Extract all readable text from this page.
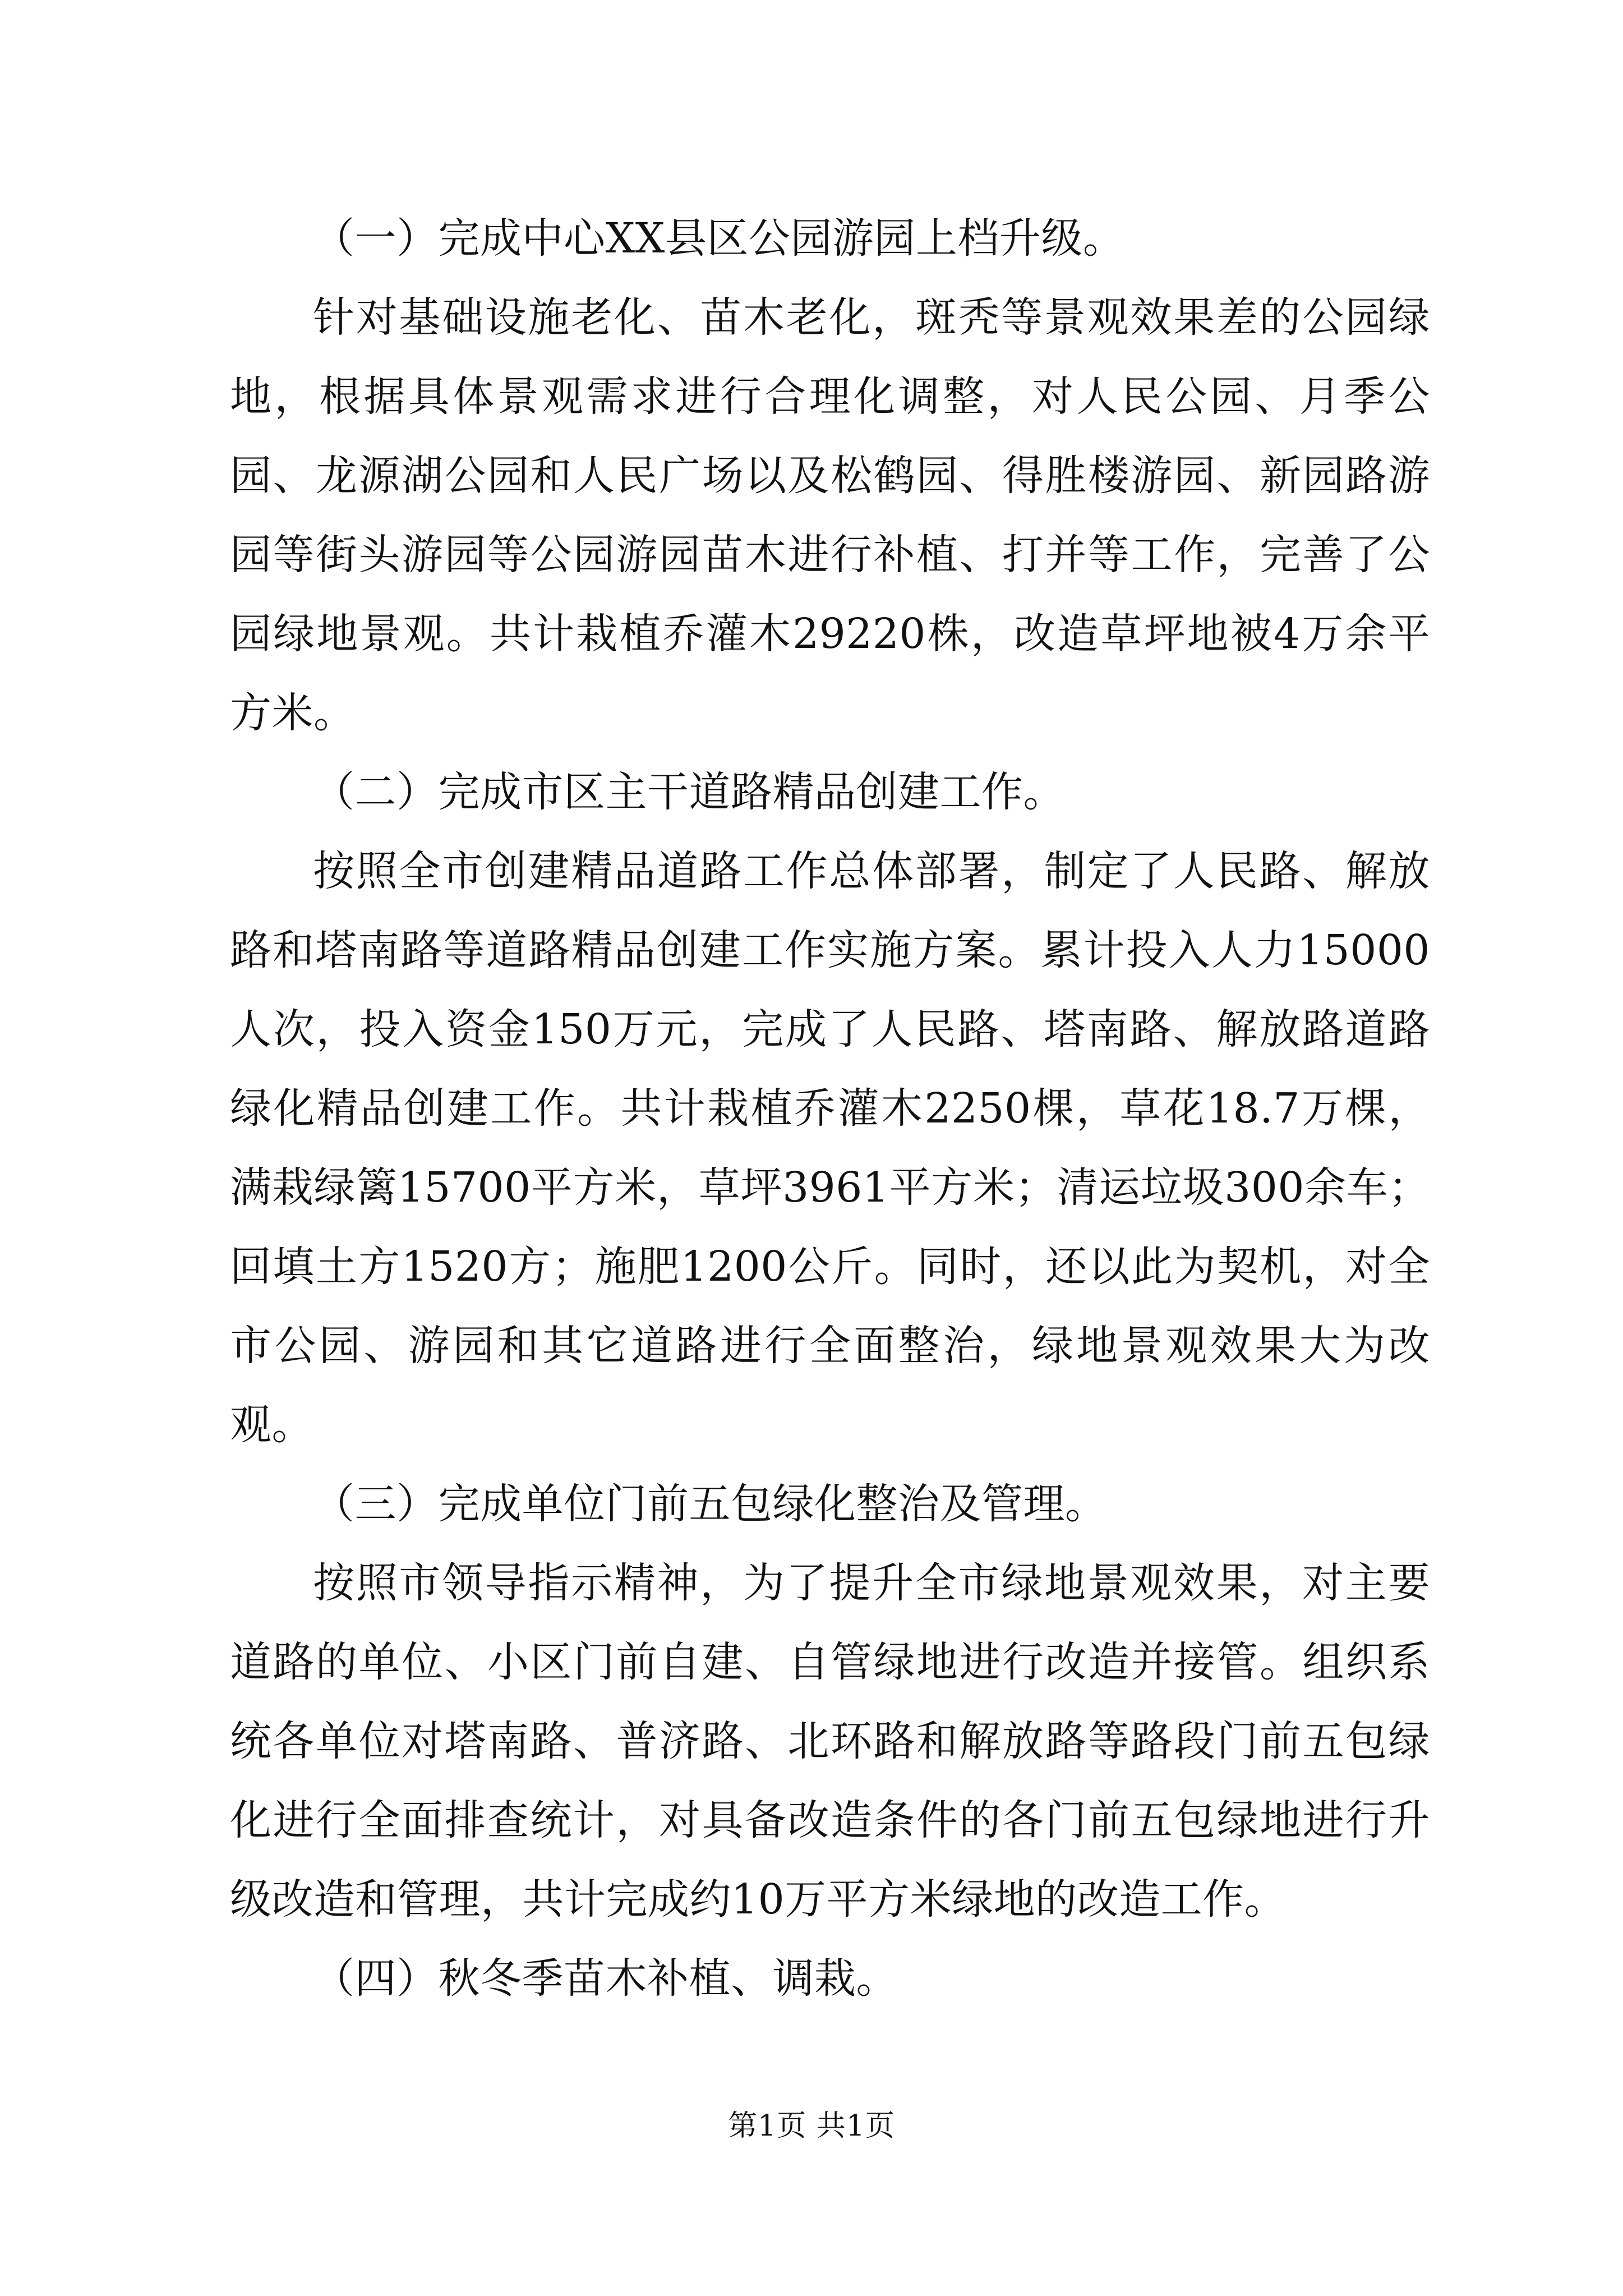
（一）完成中心XX县区公园游园上档升级。

针对基础设施老化、苗木老化，斑秃等景观效果差的公园绿地，根据具体景观需求进行合理化调整，对人民公园、月季公园、龙源湖公园和人民广场以及松鹤园、得胜楼游园、新园路游园等街头游园等公园游园苗木进行补植、打并等工作，完善了公园绿地景观。共计栽植乔灌木29220株，改造草坪地被4万余平方米。

（二）完成市区主干道路精品创建工作。

按照全市创建精品道路工作总体部署，制定了人民路、解放路和塔南路等道路精品创建工作实施方案。累计投入人力15000人次，投入资金150万元，完成了人民路、塔南路、解放路道路绿化精品创建工作。共计栽植乔灌木2250棵，草花18.7万棵，满栽绿篱15700平方米，草坪3961平方米；清运垃圾300余车；回填土方1520方；施肥1200公斤。同时，还以此为契机，对全市公园、游园和其它道路进行全面整治，绿地景观效果大为改观。

（三）完成单位门前五包绿化整治及管理。

按照市领导指示精神，为了提升全市绿地景观效果，对主要道路的单位、小区门前自建、自管绿地进行改造并接管。组织系统各单位对塔南路、普济路、北环路和解放路等路段门前五包绿化进行全面排查统计，对具备改造条件的各门前五包绿地进行升级改造和管理，共计完成约10万平方米绿地的改造工作。

（四）秋冬季苗木补植、调栽。

第1页 共1页
